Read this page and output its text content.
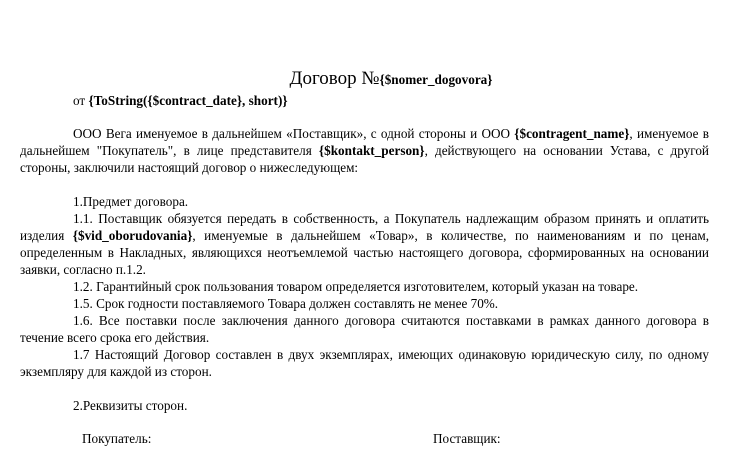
Договор №{$nomer_dogovora}
от {ToString({$contract_date}, short)}
ООО Вега именуемое в дальнейшем «Поставщик», с одной стороны и ООО {$contragent_name}, именуемое в дальнейшем "Покупатель", в лице представителя {$kontakt_person}, действующего на основании Устава, с другой стороны, заключили настоящий договор о нижеследующем:
1.Предмет договора.
1.1. Поставщик обязуется передать в собственность, а Покупатель надлежащим образом принять и оплатить изделия {$vid_oborudovania}, именуемые в дальнейшем «Товар», в количестве, по наименованиям и по ценам, определенным в Накладных, являющихся неотъемлемой частью настоящего договора, сформированных на основании заявки, согласно п.1.2.
1.2. Гарантийный срок пользования товаром определяется изготовителем, который указан на товаре.
1.5. Срок годности поставляемого Товара должен составлять не менее 70%.
1.6. Все поставки после заключения данного договора считаются поставками в рамках данного договора в течение всего срока его действия.
1.7 Настоящий Договор составлен в двух экземплярах, имеющих одинаковую юридическую силу, по одному экземпляру для каждой из сторон.
2.Реквизиты сторон.
Покупатель:	Поставщик:
